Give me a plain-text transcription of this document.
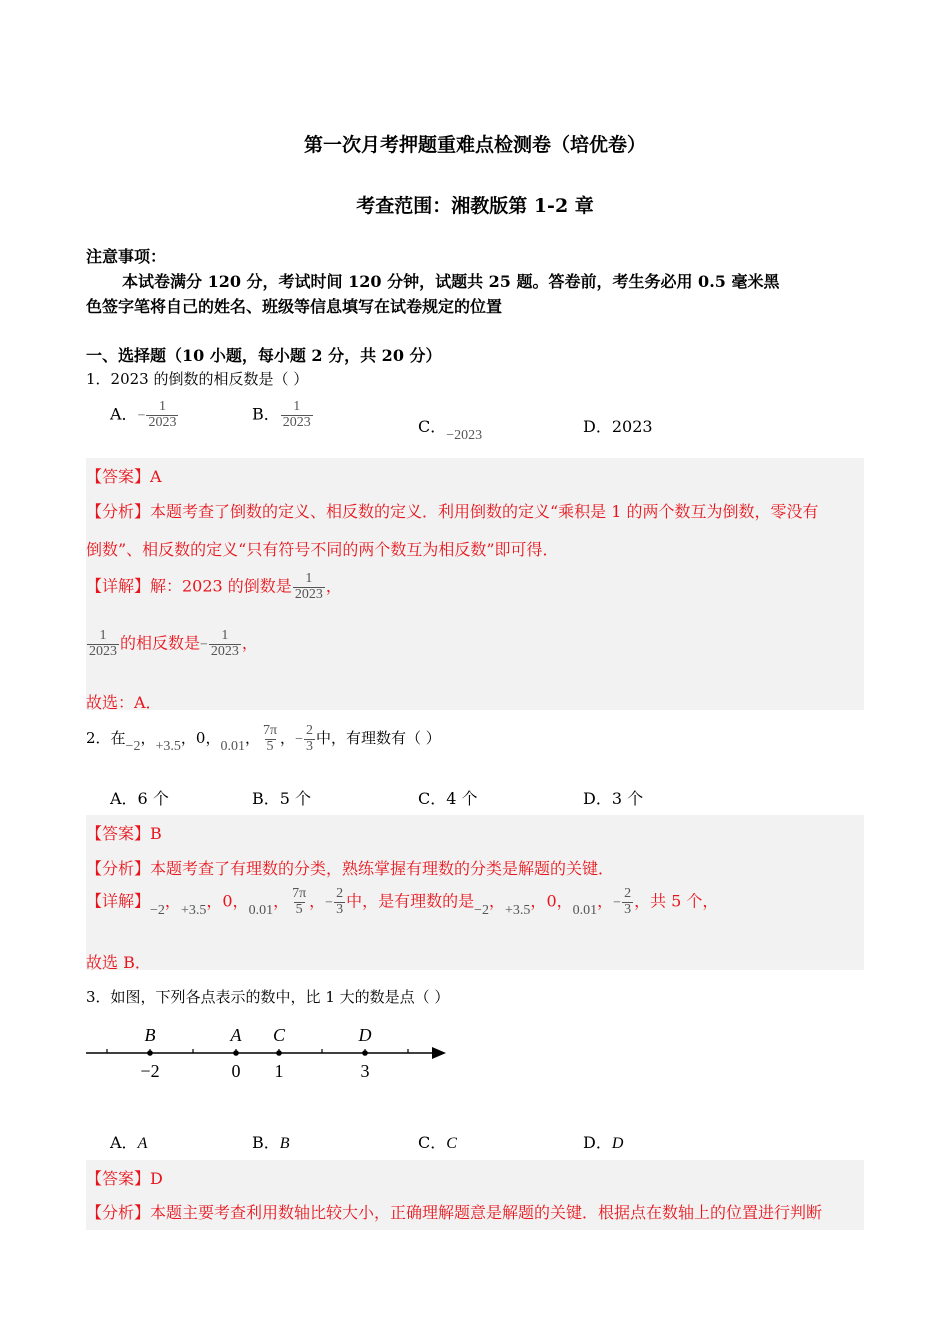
第一次月考押题重难点检测卷（培优卷）
考查范围：湘教版第 1-2 章
注意事项：
本试卷满分 120 分，考试时间 120 分钟，试题共 25 题。答卷前，考生务必用 0.5 毫米黑
色签字笔将自己的姓名、班级等信息填写在试卷规定的位置
一、选择题（10 小题，每小题 2 分，共 20 分）
1．2023 的倒数的相反数是（ ）
A．− $\frac{1}{2023}$	B． $\frac{1}{2023}$	C．−2023	D．2023
【答案】A
【分析】本题考查了倒数的定义、相反数的定义．利用倒数的定义“乘积是 1 的两个数互为倒数，零没有
倒数”、相反数的定义“只有符号不同的两个数互为相反数”即可得．
【详解】解：2023 的倒数是 $\frac{1}{2023}$ ，
$\frac{1}{2023}$ 的相反数是− $\frac{1}{2023}$ ，
故选：A．
2．在−2，+3.5，0，0.01， $\frac{7\pi}{5}$ ，− $\frac{2}{3}$ 中，有理数有（ ）
A．6 个	B．5 个	C．4 个	D．3 个
【答案】B
【分析】本题考查了有理数的分类，熟练掌握有理数的分类是解题的关键．
【详解】−2，+3.5，0，0.01， $\frac{7\pi}{5}$ ，− $\frac{2}{3}$ 中，是有理数的是−2，+3.5，0，0.01，− $\frac{2}{3}$ ，共 5 个，
故选 B．
3．如图，下列各点表示的数中，比 1 大的数是点（ ）
B
−2
A
0
C
1
D
3
A．A	B．B	C．C	D．D
【答案】D
【分析】本题主要考查利用数轴比较大小，正确理解题意是解题的关键．根据点在数轴上的位置进行判断
